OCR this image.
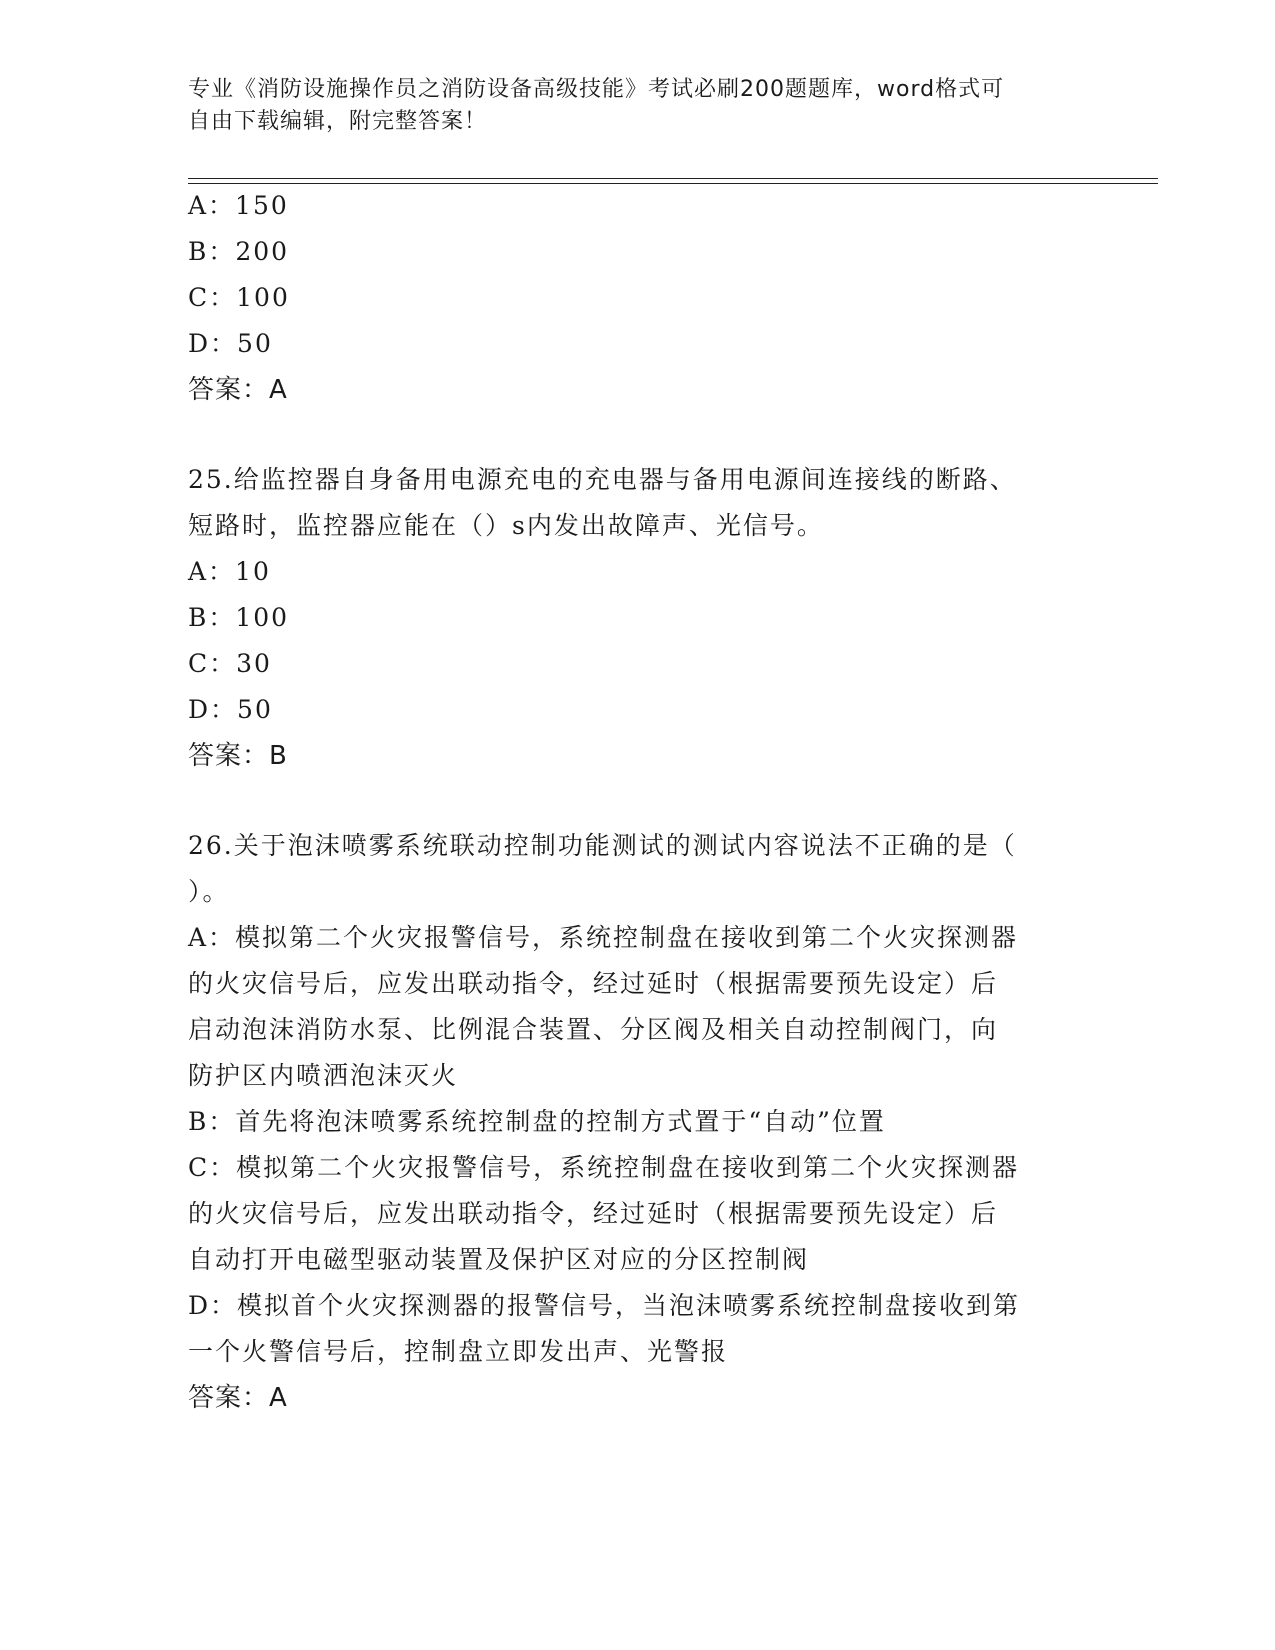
专业《消防设施操作员之消防设备高级技能》考试必刷200题题库，word格式可
自由下载编辑，附完整答案！
A：150
B：200
C：100
D：50
答案：A
25.给监控器自身备用电源充电的充电器与备用电源间连接线的断路、
短路时，监控器应能在（）s内发出故障声、光信号。
A：10
B：100
C：30
D：50
答案：B
26.关于泡沫喷雾系统联动控制功能测试的测试内容说法不正确的是（
）。
A：模拟第二个火灾报警信号，系统控制盘在接收到第二个火灾探测器
的火灾信号后，应发出联动指令，经过延时（根据需要预先设定）后
启动泡沫消防水泵、比例混合装置、分区阀及相关自动控制阀门，向
防护区内喷洒泡沫灭火
B：首先将泡沫喷雾系统控制盘的控制方式置于“自动”位置
C：模拟第二个火灾报警信号，系统控制盘在接收到第二个火灾探测器
的火灾信号后，应发出联动指令，经过延时（根据需要预先设定）后
自动打开电磁型驱动装置及保护区对应的分区控制阀
D：模拟首个火灾探测器的报警信号，当泡沫喷雾系统控制盘接收到第
一个火警信号后，控制盘立即发出声、光警报
答案：A
